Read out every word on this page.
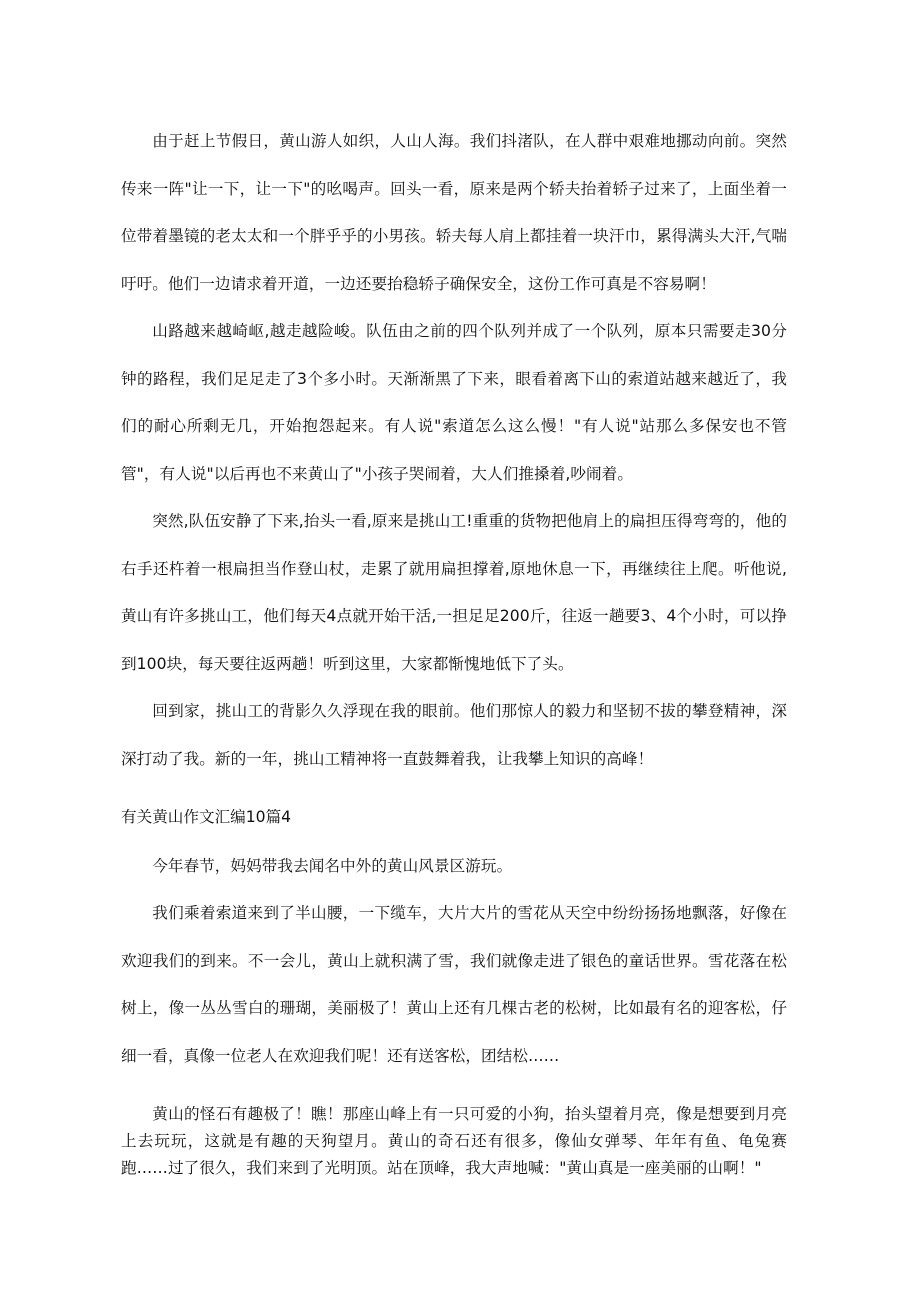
由于赶上节假日，黄山游人如织，人山人海。我们抖渚队，在人群中艰难地挪动向前。突然传来一阵"让一下，让一下"的吆喝声。回头一看，原来是两个轿夫抬着轿子过来了，上面坐着一位带着墨镜的老太太和一个胖乎乎的小男孩。轿夫每人肩上都挂着一块汗巾，累得满头大汗,气喘吁吁。他们一边请求着开道，一边还要抬稳轿子确保安全，这份工作可真是不容易啊！

山路越来越崎岖,越走越险峻。队伍由之前的四个队列并成了一个队列，原本只需要走30分钟的路程，我们足足走了3个多小时。天渐渐黑了下来，眼看着离下山的索道站越来越近了，我们的耐心所剩无几，开始抱怨起来。有人说"索道怎么这么慢！"有人说"站那么多保安也不管管"，有人说"以后再也不来黄山了"小孩子哭闹着，大人们推搡着,吵闹着。

突然,队伍安静了下来,抬头一看,原来是挑山工!重重的货物把他肩上的扁担压得弯弯的，他的右手还杵着一根扁担当作登山杖，走累了就用扁担撑着,原地休息一下，再继续往上爬。听他说,黄山有许多挑山工，他们每天4点就开始干活,一担足足200斤，往返一趟要3、4个小时，可以挣到100块，每天要往返两趟！听到这里，大家都惭愧地低下了头。

回到家，挑山工的背影久久浮现在我的眼前。他们那惊人的毅力和坚韧不拔的攀登精神，深深打动了我。新的一年，挑山工精神将一直鼓舞着我，让我攀上知识的高峰！

有关黄山作文汇编10篇4

今年春节，妈妈带我去闻名中外的黄山风景区游玩。

我们乘着索道来到了半山腰，一下缆车，大片大片的雪花从天空中纷纷扬扬地飘落，好像在欢迎我们的到来。不一会儿，黄山上就积满了雪，我们就像走进了银色的童话世界。雪花落在松树上，像一丛丛雪白的珊瑚，美丽极了！黄山上还有几棵古老的松树，比如最有名的迎客松，仔细一看，真像一位老人在欢迎我们呢！还有送客松，团结松……

黄山的怪石有趣极了！瞧！那座山峰上有一只可爱的小狗，抬头望着月亮，像是想要到月亮上去玩玩，这就是有趣的天狗望月。黄山的奇石还有很多，像仙女弹琴、年年有鱼、龟兔赛跑……过了很久，我们来到了光明顶。站在顶峰，我大声地喊："黄山真是一座美丽的山啊！"
